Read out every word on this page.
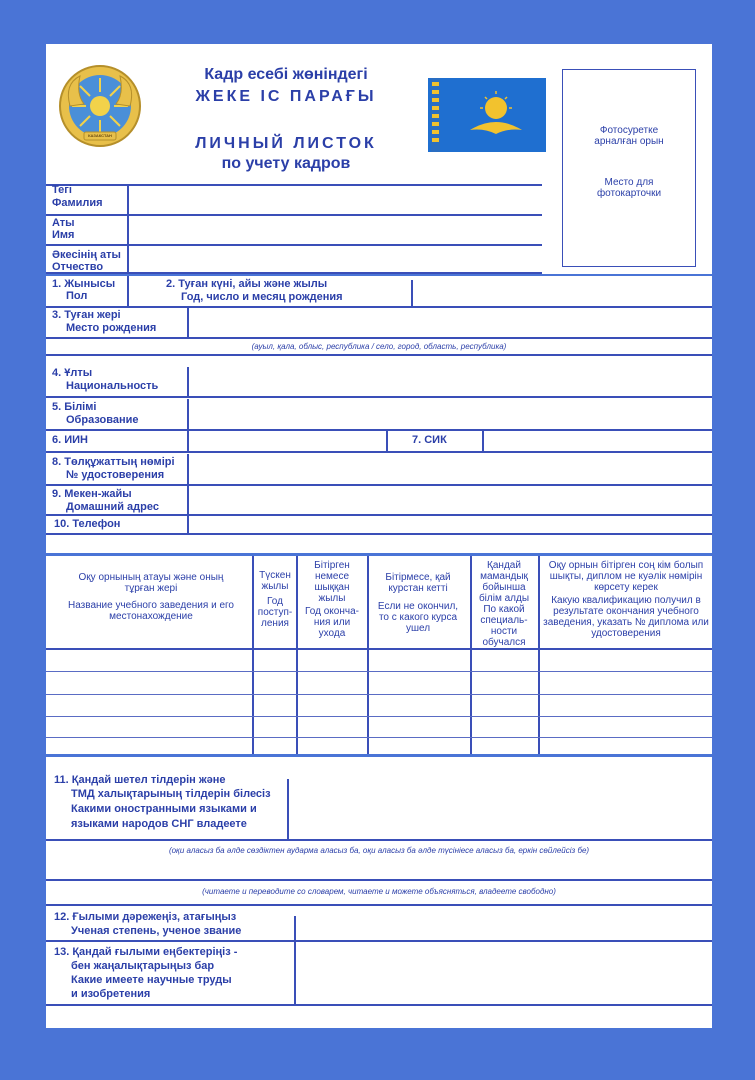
КАЗАКСТАН
Кадр есебі жөніндегі
ЖЕКЕ ІС ПАРАҒЫ
ЛИЧНЫЙ ЛИСТОК
по учету кадров
Фотосуретке арналған орын
Место для фотокарточки
Тегі
Фамилия
Аты
Имя
Әкесінің аты
Отчество
1. Жынысы
Пол
2. Туған күні, айы және жылы
Год, число и месяц рождения
3. Туған жері
Место рождения
(ауыл, қала, облыс, республика / село, город, область, республика)
4. Ұлты
Национальность
5. Білімі
Образование
6. ИИН	7. СИК
8. Төлқұжаттың нөмірі
№ удостоверения
9. Мекен-жайы
Домашний адрес
10. Телефон
Оқу орнының атауы және оның тұрған жері
Название учебного заведения и его местонахождение
Түскен жылы
Год поступ-ления
Бітірген немесе шыққан жылы
Год оконча-ния или ухода
Бітірмесе, қай курстан кетті
Если не окончил, то с какого курса ушел
Қандай мамандық бойынша білім алды
По какой специаль-ности обучался
Оқу орнын бітірген соң кім болып шықты, диплом не куәлік нөмірін көрсету керек
Какую квалификацию получил в результате окончания учебного заведения, указать № диплома или удостоверения
11. Қандай шетел тілдерін және
ТМД халықтарының тілдерін білесіз
Какими оностранными языками и
языками народов СНГ владеете
(оқи аласыз ба әлде сөздіктен аударма аласыз ба, оқи аласыз ба әлде түсініесе аласыз ба, еркін сөйлейсіз бе)
(читаете и переводите со словарем, читаете и можете объясняться, владеете свободно)
12. Ғылыми дәрежеңіз, атағыңыз
Ученая степень, ученое звание
13. Қандай ғылыми еңбектеріңіз -
бен жаңалықтарыңыз бар
Какие имеете научные труды
и изобретения
